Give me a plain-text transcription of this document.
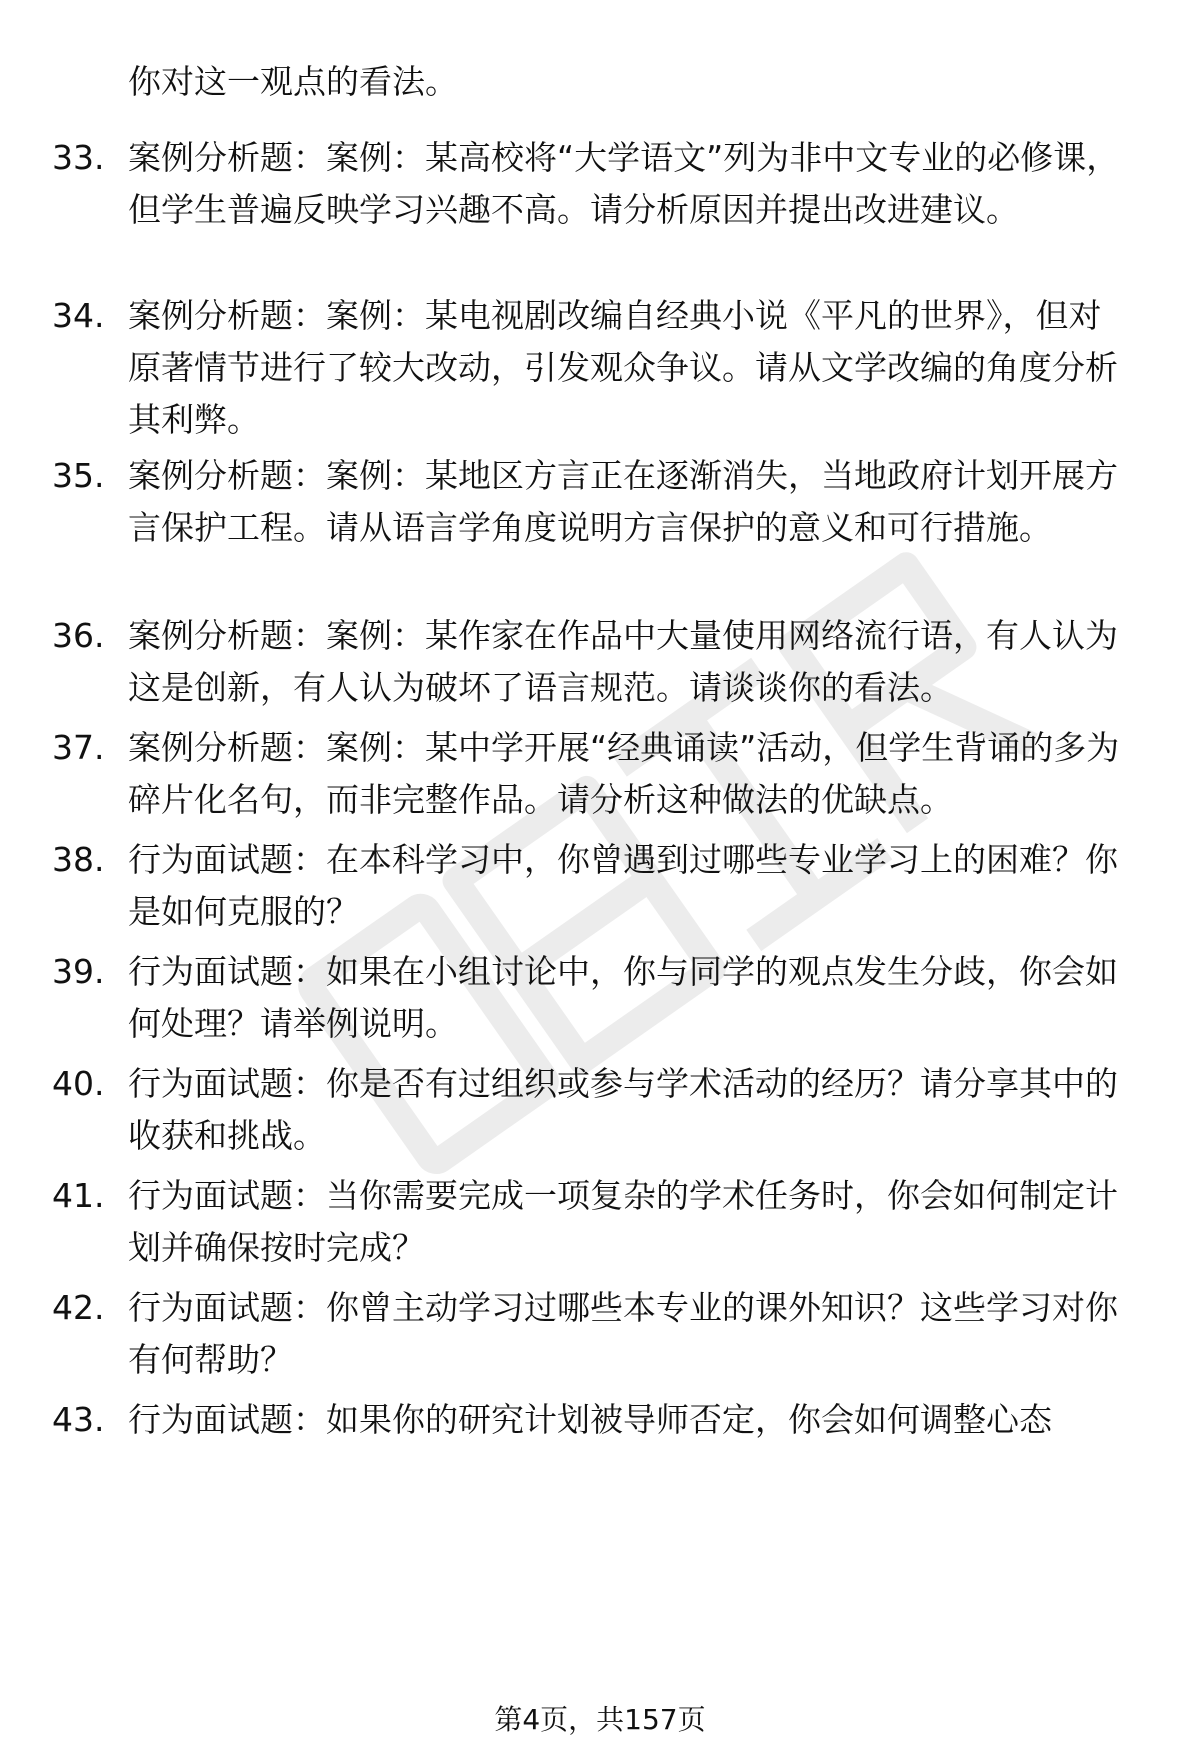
你对这一观点的看法。

33. 案例分析题：案例：某高校将“大学语文”列为非中文专业的必修课，但学生普遍反映学习兴趣不高。请分析原因并提出改进建议。

34. 案例分析题：案例：某电视剧改编自经典小说《平凡的世界》，但对原著情节进行了较大改动，引发观众争议。请从文学改编的角度分析其利弊。

35. 案例分析题：案例：某地区方言正在逐渐消失，当地政府计划开展方言保护工程。请从语言学角度说明方言保护的意义和可行措施。

36. 案例分析题：案例：某作家在作品中大量使用网络流行语，有人认为这是创新，有人认为破坏了语言规范。请谈谈你的看法。

37. 案例分析题：案例：某中学开展“经典诵读”活动，但学生背诵的多为碎片化名句，而非完整作品。请分析这种做法的优缺点。

38. 行为面试题：在本科学习中，你曾遇到过哪些专业学习上的困难？你是如何克服的？

39. 行为面试题：如果在小组讨论中，你与同学的观点发生分歧，你会如何处理？请举例说明。

40. 行为面试题：你是否有过组织或参与学术活动的经历？请分享其中的收获和挑战。

41. 行为面试题：当你需要完成一项复杂的学术任务时，你会如何制定计划并确保按时完成？

42. 行为面试题：你曾主动学习过哪些本专业的课外知识？这些学习对你有何帮助？

43. 行为面试题：如果你的研究计划被导师否定，你会如何调整心态

第4页，共157页
